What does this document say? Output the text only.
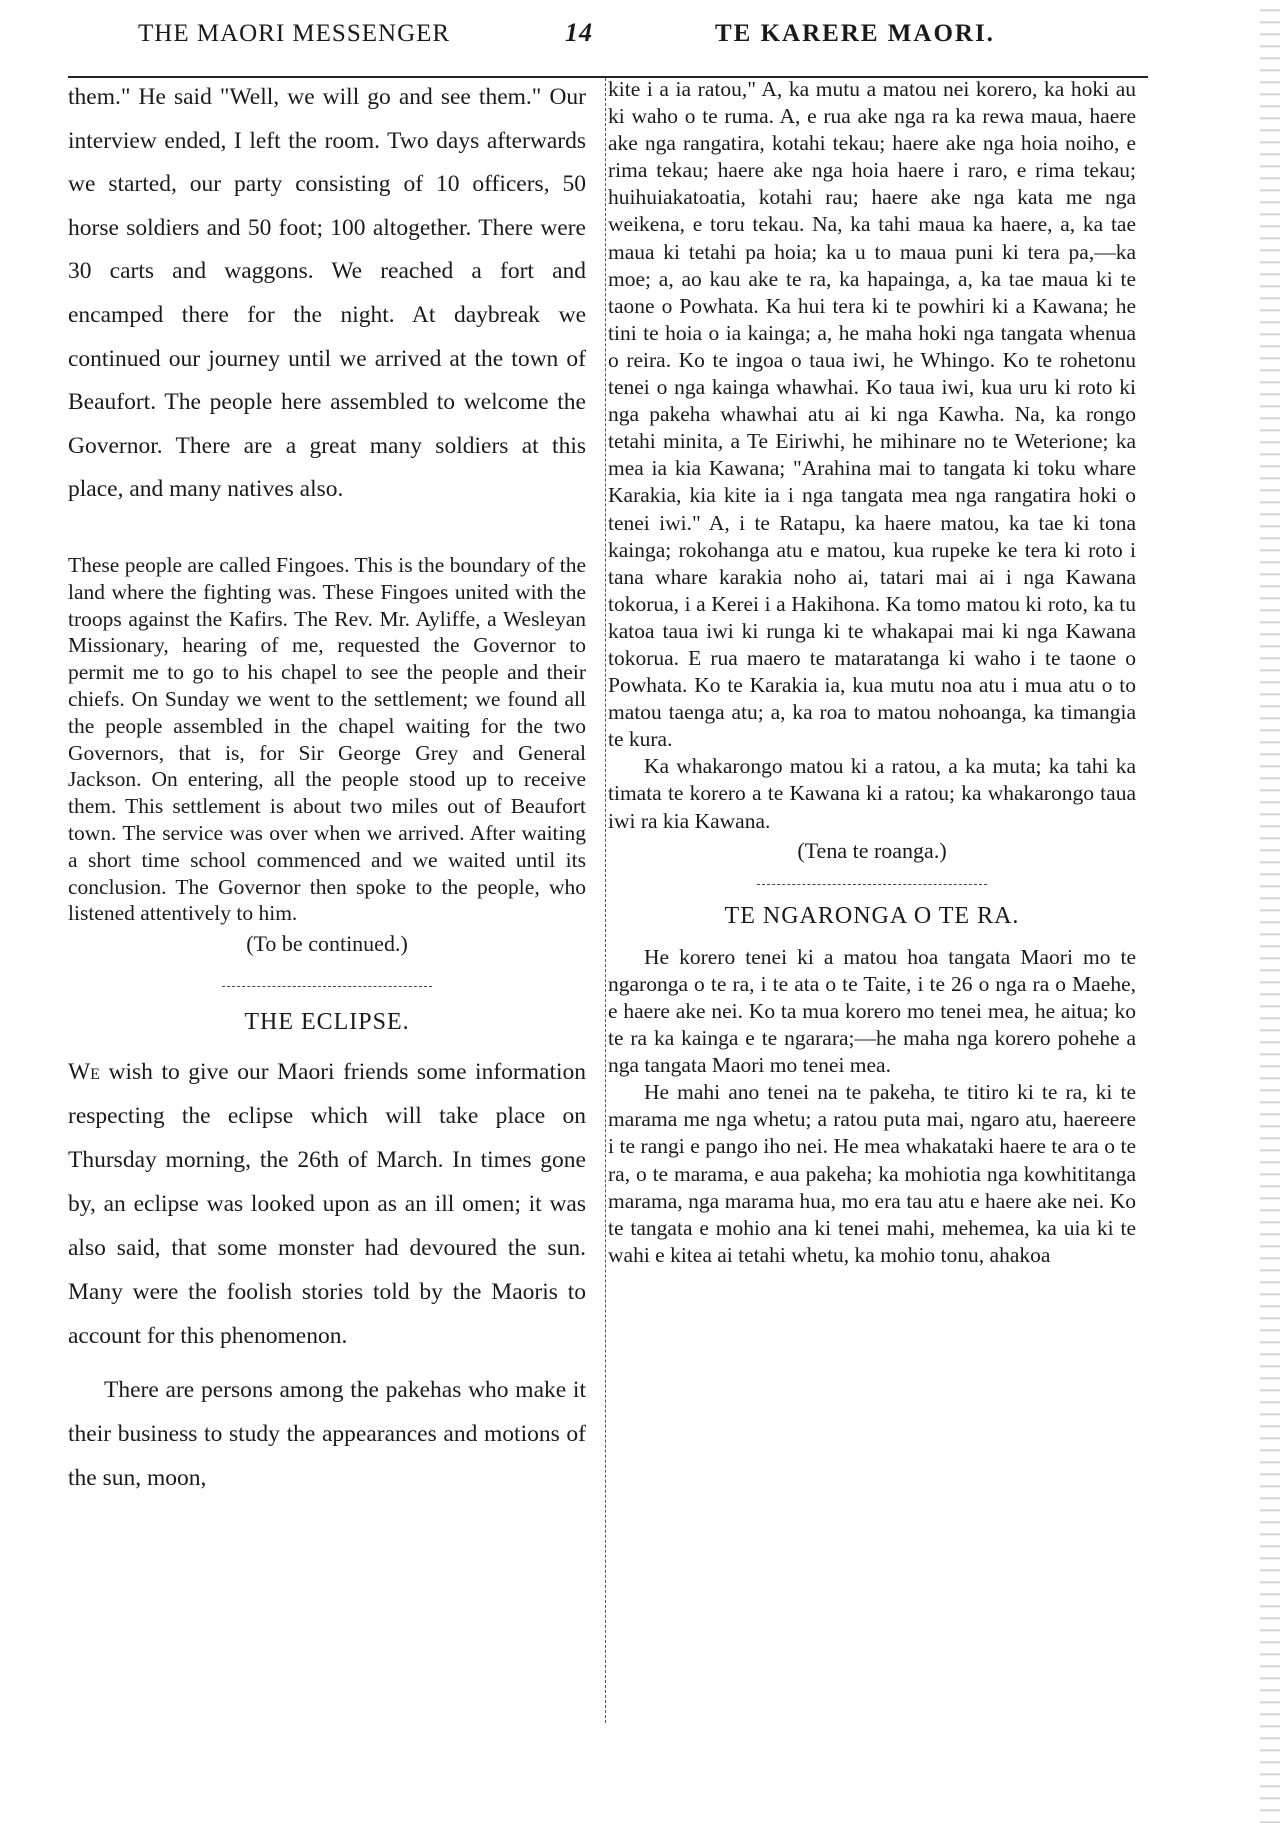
THE MAORI MESSENGER	14	TE KARERE MAORI.

them." He said "Well, we will go and see them." Our interview ended, I left the room. Two days afterwards we started, our party consisting of 10 officers, 50 horse soldiers and 50 foot; 100 altogether. There were 30 carts and waggons. We reached a fort and encamped there for the night. At daybreak we continued our journey until we arrived at the town of Beaufort. The people here assembled to welcome the Governor. There are a great many soldiers at this place, and many natives also.

These people are called Fingoes. This is the boundary of the land where the fighting was. These Fingoes united with the troops against the Kafirs. The Rev. Mr. Ayliffe, a Wesleyan Missionary, hearing of me, requested the Governor to permit me to go to his chapel to see the people and their chiefs. On Sunday we went to the settlement; we found all the people assembled in the chapel waiting for the two Governors, that is, for Sir George Grey and General Jackson. On entering, all the people stood up to receive them. This settlement is about two miles out of Beaufort town. The service was over when we arrived. After waiting a short time school commenced and we waited until its conclusion. The Governor then spoke to the people, who listened attentively to him.

(To be continued.)

THE ECLIPSE.

We wish to give our Maori friends some information respecting the eclipse which will take place on Thursday morning, the 26th of March. In times gone by, an eclipse was looked upon as an ill omen; it was also said, that some monster had devoured the sun. Many were the foolish stories told by the Maoris to account for this phenomenon.

There are persons among the pakehas who make it their business to study the appearances and motions of the sun, moon,

kite i a ia ratou," A, ka mutu a matou nei korero, ka hoki au ki waho o te ruma. A, e rua ake nga ra ka rewa maua, haere ake nga rangatira, kotahi tekau; haere ake nga hoia noiho, e rima tekau; haere ake nga hoia haere i raro, e rima tekau; huihuiakatoatia, kotahi rau; haere ake nga kata me nga weikena, e toru tekau. Na, ka tahi maua ka haere, a, ka tae maua ki tetahi pa hoia; ka u to maua puni ki tera pa,—ka moe; a, ao kau ake te ra, ka hapainga, a, ka tae maua ki te taone o Powhata. Ka hui tera ki te powhiri ki a Kawana; he tini te hoia o ia kainga; a, he maha hoki nga tangata whenua o reira. Ko te ingoa o taua iwi, he Whingo. Ko te rohetonu tenei o nga kainga whawhai. Ko taua iwi, kua uru ki roto ki nga pakeha whawhai atu ai ki nga Kawha. Na, ka rongo tetahi minita, a Te Eiriwhi, he mihinare no te Weterione; ka mea ia kia Kawana; "Arahina mai to tangata ki toku whare Karakia, kia kite ia i nga tangata mea nga rangatira hoki o tenei iwi." A, i te Ratapu, ka haere matou, ka tae ki tona kainga; rokohanga atu e matou, kua rupeke ke tera ki roto i tana whare karakia noho ai, tatari mai ai i nga Kawana tokorua, i a Kerei i a Hakihona. Ka tomo matou ki roto, ka tu katoa taua iwi ki runga ki te whakapai mai ki nga Kawana tokorua. E rua maero te mataratanga ki waho i te taone o Powhata. Ko te Karakia ia, kua mutu noa atu i mua atu o to matou taenga atu; a, ka roa to matou nohoanga, ka timangia te kura.

Ka whakarongo matou ki a ratou, a ka muta; ka tahi ka timata te korero a te Kawana ki a ratou; ka whakarongo taua iwi ra kia Kawana.

(Tena te roanga.)

TE NGARONGA O TE RA.

He korero tenei ki a matou hoa tangata Maori mo te ngaronga o te ra, i te ata o te Taite, i te 26 o nga ra o Maehe, e haere ake nei. Ko ta mua korero mo tenei mea, he aitua; ko te ra ka kainga e te ngarara;—he maha nga korero pohehe a nga tangata Maori mo tenei mea.

He mahi ano tenei na te pakeha, te titiro ki te ra, ki te marama me nga whetu; a ratou puta mai, ngaro atu, haereere i te rangi e pango iho nei. He mea whakataki haere te ara o te ra, o te marama, e aua pakeha; ka mohiotia nga kowhititanga marama, nga marama hua, mo era tau atu e haere ake nei. Ko te tangata e mohio ana ki tenei mahi, mehemea, ka uia ki te wahi e kitea ai tetahi whetu, ka mohio tonu, ahakoa
